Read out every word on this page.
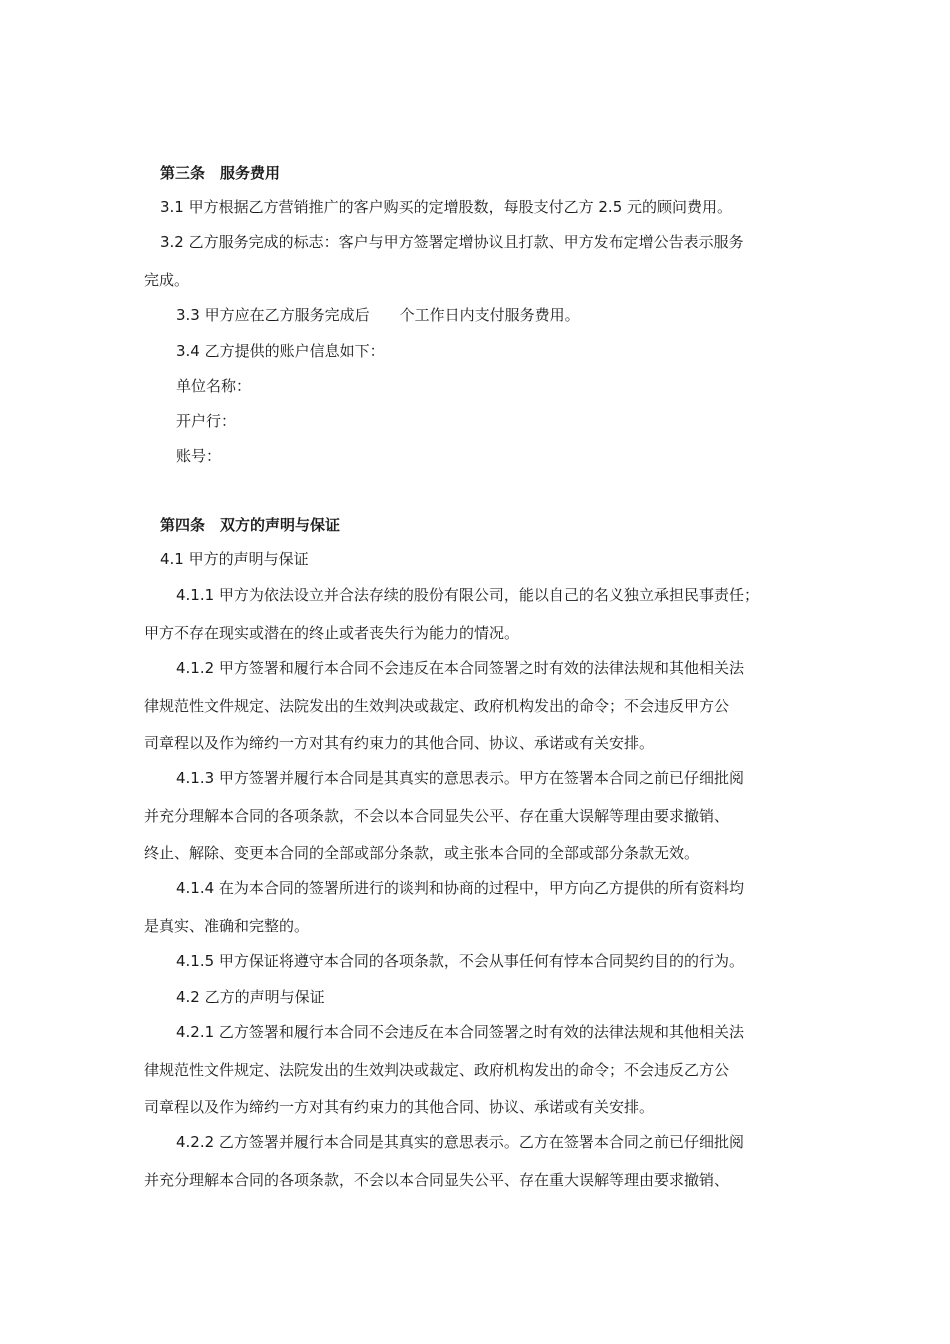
第三条　服务费用
3.1 甲方根据乙方营销推广的客户购买的定增股数，每股支付乙方 2.5 元的顾问费用。
3.2 乙方服务完成的标志：客户与甲方签署定增协议且打款、甲方发布定增公告表示服务
完成。
3.3 甲方应在乙方服务完成后　　个工作日内支付服务费用。
3.4 乙方提供的账户信息如下：
单位名称：
开户行：
账号：
第四条　双方的声明与保证
4.1 甲方的声明与保证
4.1.1 甲方为依法设立并合法存续的股份有限公司，能以自己的名义独立承担民事责任；
甲方不存在现实或潜在的终止或者丧失行为能力的情况。
4.1.2 甲方签署和履行本合同不会违反在本合同签署之时有效的法律法规和其他相关法
律规范性文件规定、法院发出的生效判决或裁定、政府机构发出的命令；不会违反甲方公
司章程以及作为缔约一方对其有约束力的其他合同、协议、承诺或有关安排。
4.1.3 甲方签署并履行本合同是其真实的意思表示。甲方在签署本合同之前已仔细批阅
并充分理解本合同的各项条款，不会以本合同显失公平、存在重大误解等理由要求撤销、
终止、解除、变更本合同的全部或部分条款，或主张本合同的全部或部分条款无效。
4.1.4 在为本合同的签署所进行的谈判和协商的过程中，甲方向乙方提供的所有资料均
是真实、准确和完整的。
4.1.5 甲方保证将遵守本合同的各项条款，不会从事任何有悖本合同契约目的的行为。
4.2 乙方的声明与保证
4.2.1 乙方签署和履行本合同不会违反在本合同签署之时有效的法律法规和其他相关法
律规范性文件规定、法院发出的生效判决或裁定、政府机构发出的命令；不会违反乙方公
司章程以及作为缔约一方对其有约束力的其他合同、协议、承诺或有关安排。
4.2.2 乙方签署并履行本合同是其真实的意思表示。乙方在签署本合同之前已仔细批阅
并充分理解本合同的各项条款，不会以本合同显失公平、存在重大误解等理由要求撤销、
